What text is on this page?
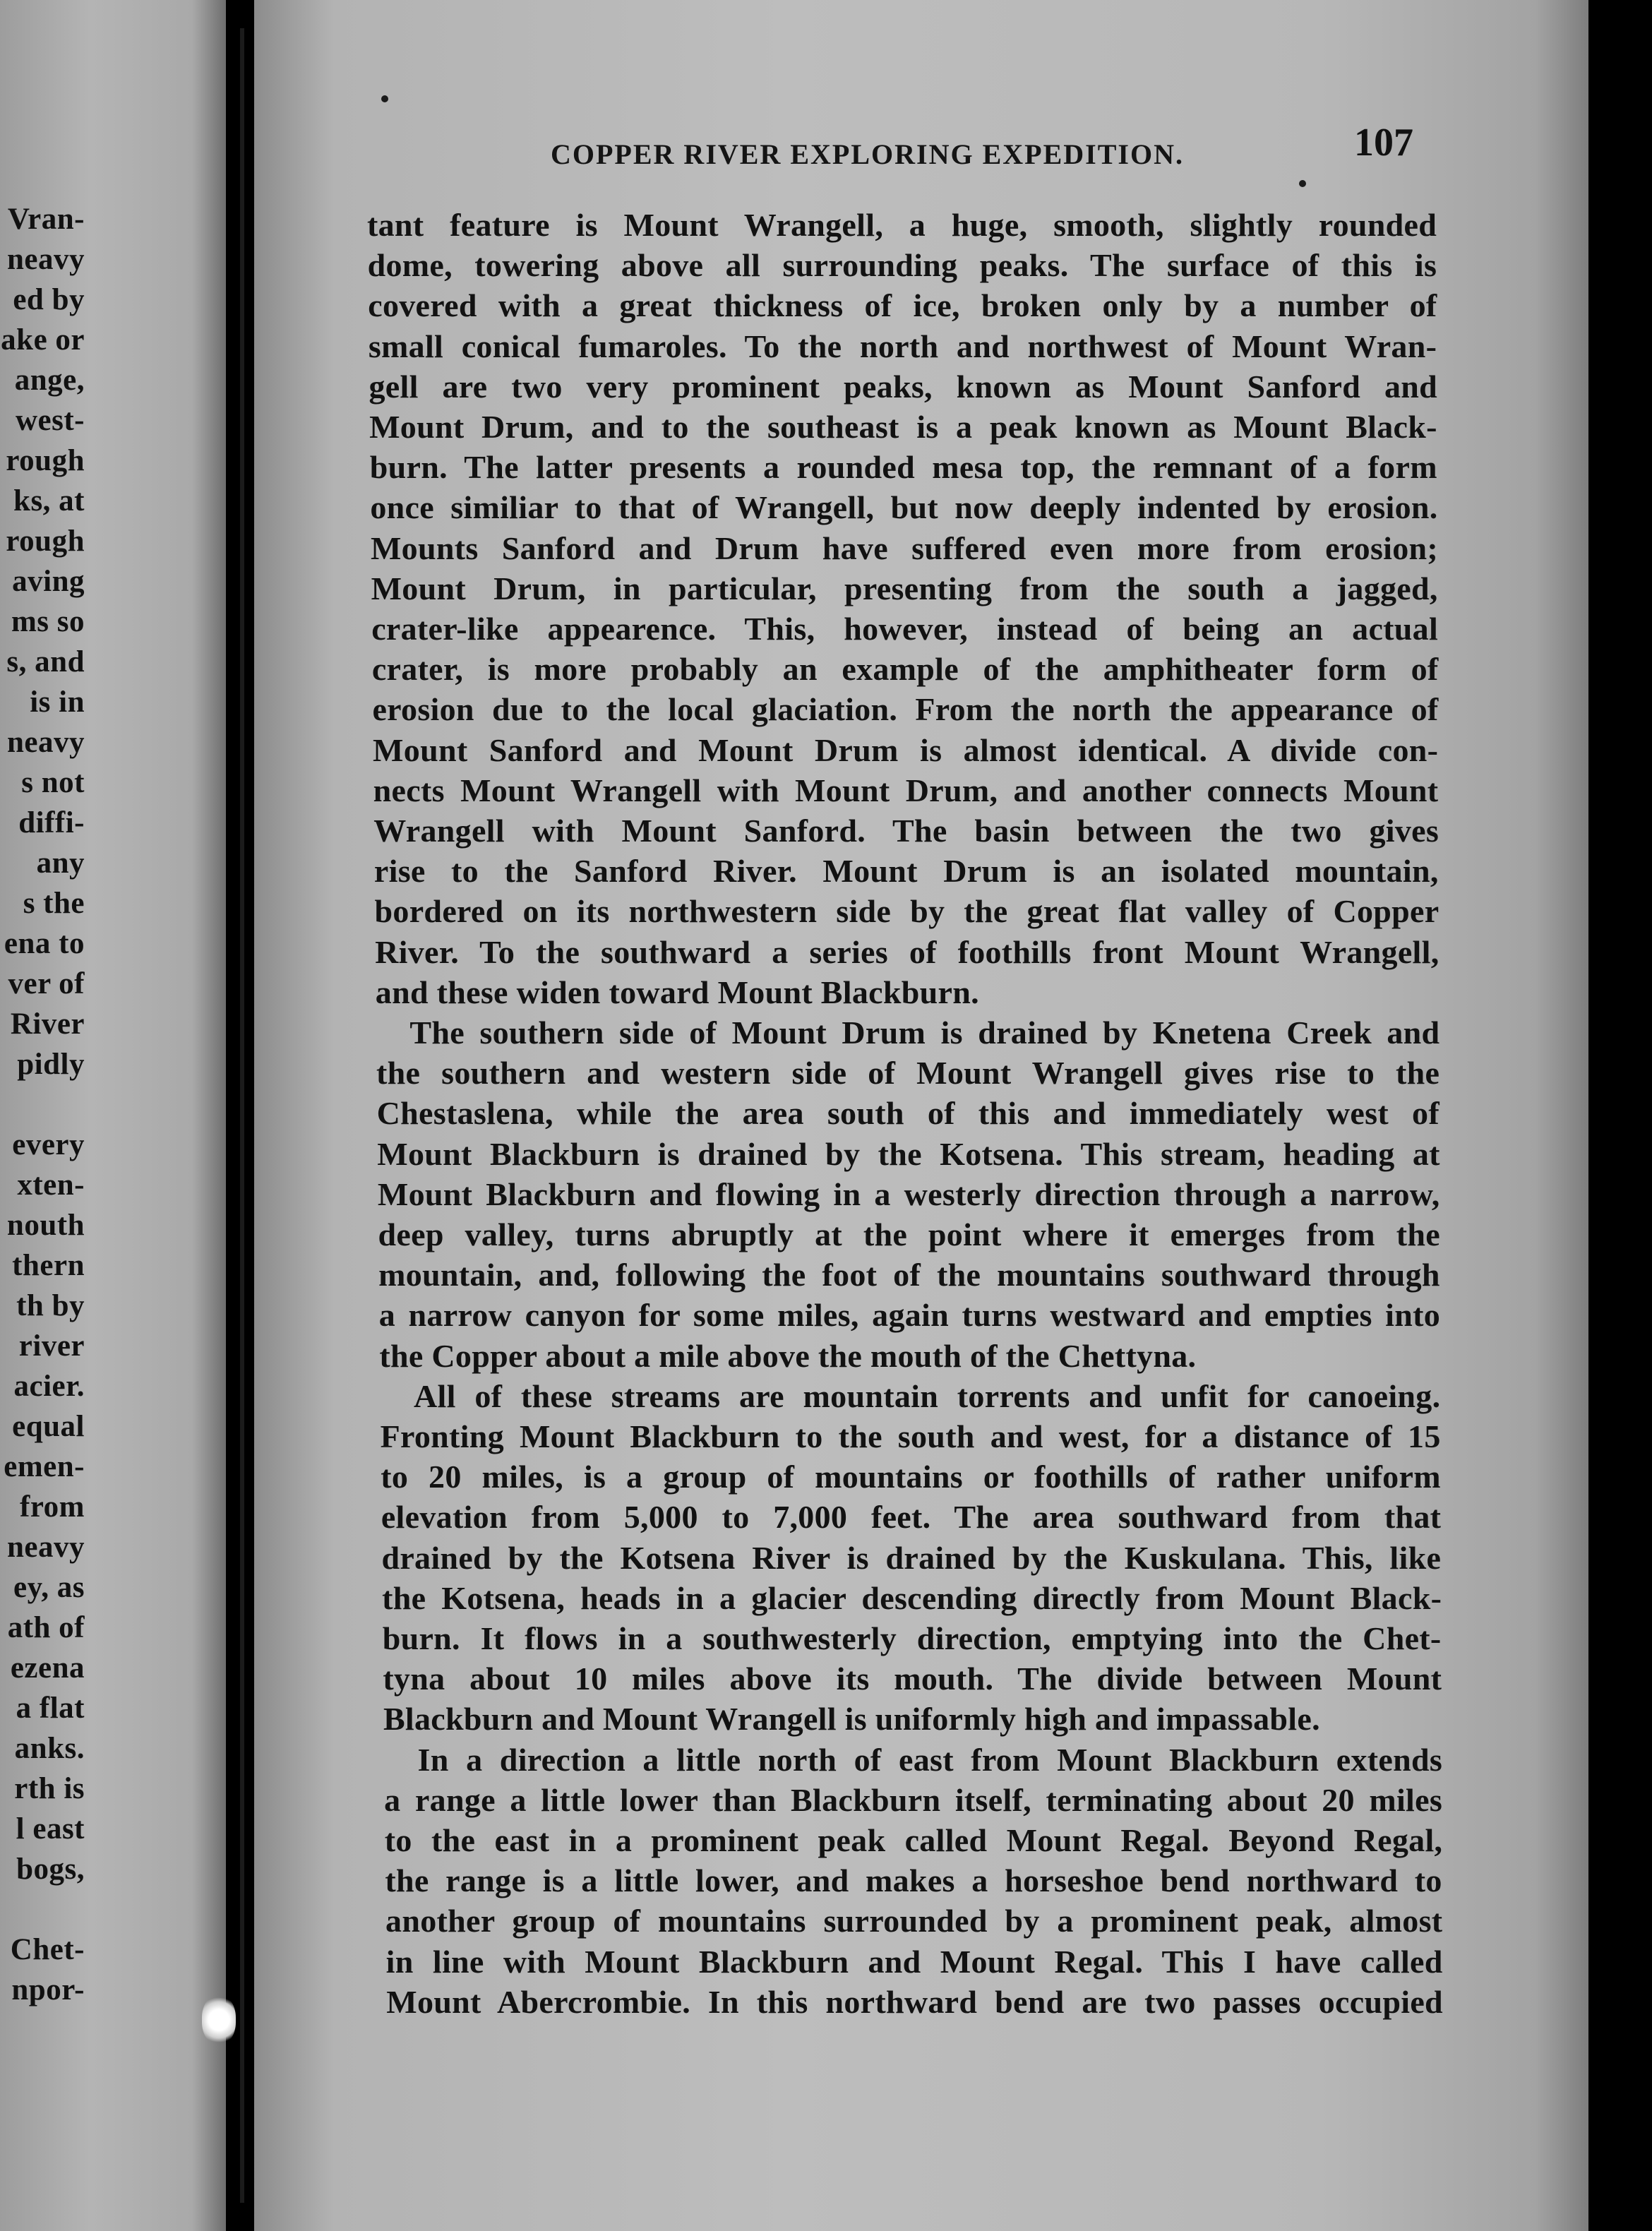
Vran-
neavy
ed by
ake or
ange,
west-
rough
ks, at
rough
aving
ms so
s, and
is in
neavy
s not
diffi-
any
s the
ena to
ver of
River
pidly
every
xten-
nouth
thern
th by
river
acier.
equal
emen-
from
neavy
ey, as
ath of
ezena
a flat
anks.
rth is
l east
bogs,
Chet-
npor-
COPPER RIVER EXPLORING EXPEDITION.	107
tant feature is Mount Wrangell, a huge, smooth, slightly rounded
dome, towering above all surrounding peaks. The surface of this is
covered with a great thickness of ice, broken only by a number of
small conical fumaroles. To the north and northwest of Mount Wran-
gell are two very prominent peaks, known as Mount Sanford and
Mount Drum, and to the southeast is a peak known as Mount Black-
burn. The latter presents a rounded mesa top, the remnant of a form
once similiar to that of Wrangell, but now deeply indented by erosion.
Mounts Sanford and Drum have suffered even more from erosion;
Mount Drum, in particular, presenting from the south a jagged,
crater-like appearence. This, however, instead of being an actual
crater, is more probably an example of the amphitheater form of
erosion due to the local glaciation. From the north the appearance of
Mount Sanford and Mount Drum is almost identical. A divide con-
nects Mount Wrangell with Mount Drum, and another connects Mount
Wrangell with Mount Sanford. The basin between the two gives
rise to the Sanford River. Mount Drum is an isolated mountain,
bordered on its northwestern side by the great flat valley of Copper
River. To the southward a series of foothills front Mount Wrangell,
and these widen toward Mount Blackburn.
The southern side of Mount Drum is drained by Knetena Creek and
the southern and western side of Mount Wrangell gives rise to the
Chestaslena, while the area south of this and immediately west of
Mount Blackburn is drained by the Kotsena. This stream, heading at
Mount Blackburn and flowing in a westerly direction through a narrow,
deep valley, turns abruptly at the point where it emerges from the
mountain, and, following the foot of the mountains southward through
a narrow canyon for some miles, again turns westward and empties into
the Copper about a mile above the mouth of the Chettyna.
All of these streams are mountain torrents and unfit for canoeing.
Fronting Mount Blackburn to the south and west, for a distance of 15
to 20 miles, is a group of mountains or foothills of rather uniform
elevation from 5,000 to 7,000 feet. The area southward from that
drained by the Kotsena River is drained by the Kuskulana. This, like
the Kotsena, heads in a glacier descending directly from Mount Black-
burn. It flows in a southwesterly direction, emptying into the Chet-
tyna about 10 miles above its mouth. The divide between Mount
Blackburn and Mount Wrangell is uniformly high and impassable.
In a direction a little north of east from Mount Blackburn extends
a range a little lower than Blackburn itself, terminating about 20 miles
to the east in a prominent peak called Mount Regal. Beyond Regal,
the range is a little lower, and makes a horseshoe bend northward to
another group of mountains surrounded by a prominent peak, almost
in line with Mount Blackburn and Mount Regal. This I have called
Mount Abercrombie. In this northward bend are two passes occupied
